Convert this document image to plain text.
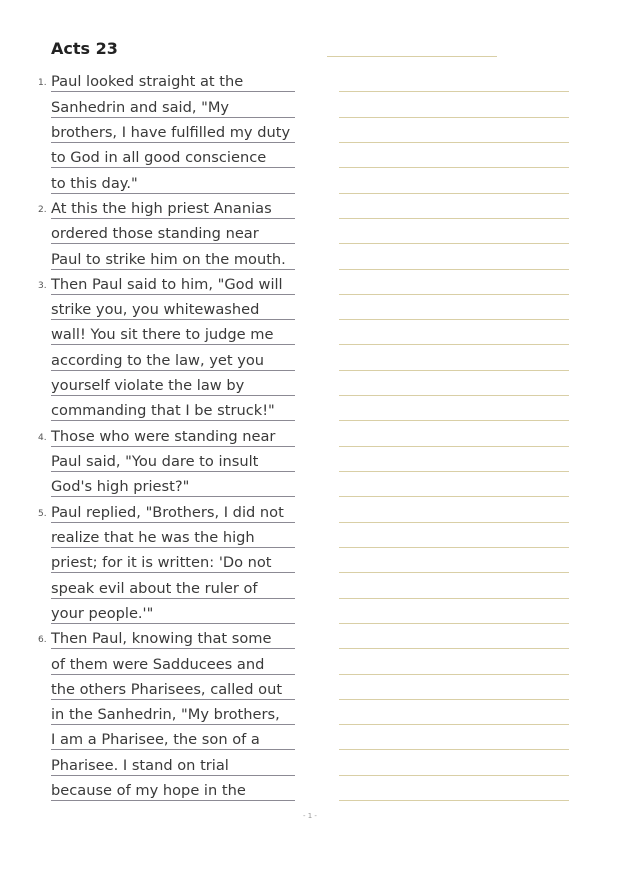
Acts 23
1. Paul looked straight at the
Sanhedrin and said, "My
brothers, I have fulfilled my duty
to God in all good conscience
to this day."
2. At this the high priest Ananias
ordered those standing near
Paul to strike him on the mouth.
3. Then Paul said to him, "God will
strike you, you whitewashed
wall! You sit there to judge me
according to the law, yet you
yourself violate the law by
commanding that I be struck!"
4. Those who were standing near
Paul said, "You dare to insult
God's high priest?"
5. Paul replied, "Brothers, I did not
realize that he was the high
priest; for it is written: 'Do not
speak evil about the ruler of
your people.'"
6. Then Paul, knowing that some
of them were Sadducees and
the others Pharisees, called out
in the Sanhedrin, "My brothers,
I am a Pharisee, the son of a
Pharisee. I stand on trial
because of my hope in the
- 1 -
